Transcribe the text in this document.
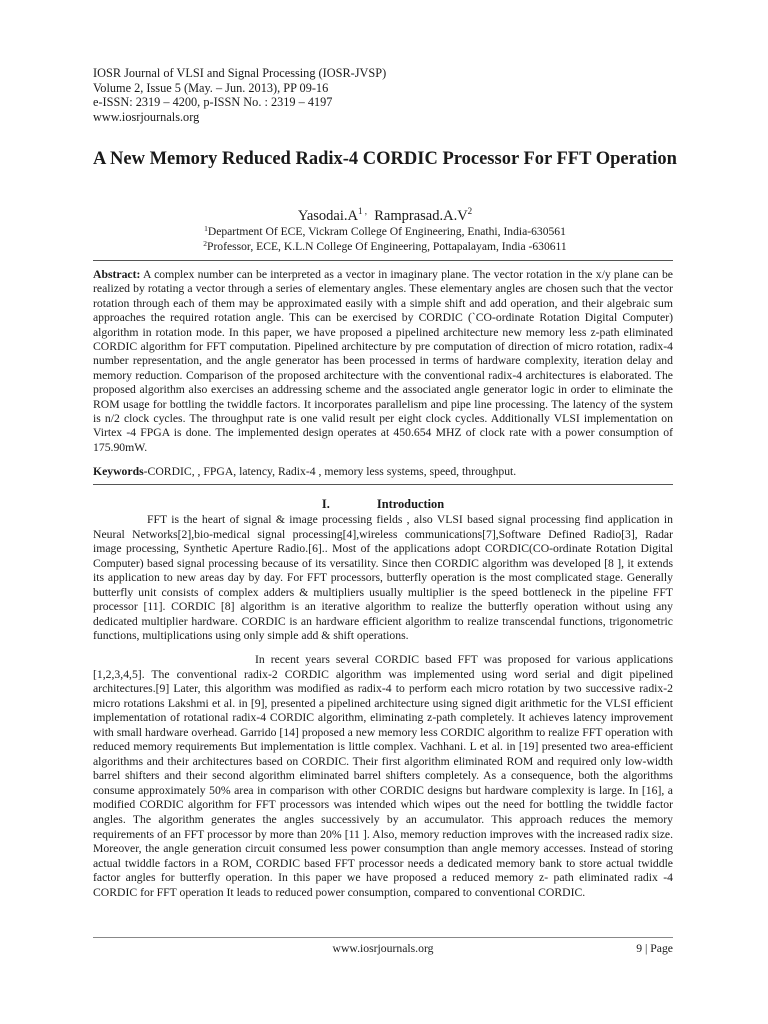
IOSR Journal of VLSI and Signal Processing (IOSR-JVSP)
Volume 2, Issue 5 (May. – Jun. 2013), PP 09-16
e-ISSN: 2319 – 4200, p-ISSN No. : 2319 – 4197
www.iosrjournals.org
A New Memory Reduced Radix-4 CORDIC Processor For FFT Operation
$Yasodai.A^{1 ,}$ $Ramprasad.A.V^2$
$^1$Department Of ECE, Vickram College Of Engineering, Enathi, India-630561
$^2$Professor, ECE, K.L.N College Of Engineering, Pottapalayam, India -630611
Abstract: A complex number can be interpreted as a vector in imaginary plane. The vector rotation in the x/y plane can be realized by rotating a vector through a series of elementary angles. These elementary angles are chosen such that the vector rotation through each of them may be approximated easily with a simple shift and add operation, and their algebraic sum approaches the required rotation angle. This can be exercised by CORDIC (`CO-ordinate Rotation Digital Computer) algorithm in rotation mode. In this paper, we have proposed a pipelined architecture new memory less z-path eliminated CORDIC algorithm for FFT computation. Pipelined architecture by pre computation of direction of micro rotation, radix-4 number representation, and the angle generator has been processed in terms of hardware complexity, iteration delay and memory reduction. Comparison of the proposed architecture with the conventional radix-4 architectures is elaborated. The proposed algorithm also exercises an addressing scheme and the associated angle generator logic in order to eliminate the ROM usage for bottling the twiddle factors. It incorporates parallelism and pipe line processing. The latency of the system is n/2 clock cycles. The throughput rate is one valid result per eight clock cycles. Additionally VLSI implementation on Virtex -4 FPGA is done. The implemented design operates at 450.654 MHZ of clock rate with a power consumption of 175.90mW.
Keywords-CORDIC, , FPGA, latency, Radix-4 , memory less systems, speed, throughput.
I.	Introduction
FFT is the heart of signal & image processing fields , also VLSI based signal processing find application in Neural Networks[2],bio-medical signal processing[4],wireless communications[7],Software Defined Radio[3], Radar image processing, Synthetic Aperture Radio.[6].. Most of the applications adopt CORDIC(CO-ordinate Rotation Digital Computer) based signal processing because of its versatility. Since then CORDIC algorithm was developed [8 ], it extends its application to new areas day by day. For FFT processors, butterfly operation is the most complicated stage. Generally butterfly unit consists of complex adders & multipliers usually multiplier is the speed bottleneck in the pipeline FFT processor [11]. CORDIC [8] algorithm is an iterative algorithm to realize the butterfly operation without using any dedicated multiplier hardware. CORDIC is an hardware efficient algorithm to realize transcendal functions, trigonometric functions, multiplications using only simple add & shift operations.
In recent years several CORDIC based FFT was proposed for various applications [1,2,3,4,5]. The conventional radix-2 CORDIC algorithm was implemented using word serial and digit pipelined architectures.[9] Later, this algorithm was modified as radix-4 to perform each micro rotation by two successive radix-2 micro rotations Lakshmi et al. in [9], presented a pipelined architecture using signed digit arithmetic for the VLSI efficient implementation of rotational radix-4 CORDIC algorithm, eliminating z-path completely. It achieves latency improvement with small hardware overhead. Garrido [14] proposed a new memory less CORDIC algorithm to realize FFT operation with reduced memory requirements But implementation is little complex. Vachhani. L et al. in [19] presented two area-efficient algorithms and their architectures based on CORDIC. Their first algorithm eliminated ROM and required only low-width barrel shifters and their second algorithm eliminated barrel shifters completely. As a consequence, both the algorithms consume approximately 50% area in comparison with other CORDIC designs but hardware complexity is large. In [16], a modified CORDIC algorithm for FFT processors was intended which wipes out the need for bottling the twiddle factor angles. The algorithm generates the angles successively by an accumulator. This approach reduces the memory requirements of an FFT processor by more than 20% [11 ]. Also, memory reduction improves with the increased radix size. Moreover, the angle generation circuit consumed less power consumption than angle memory accesses. Instead of storing actual twiddle factors in a ROM, CORDIC based FFT processor needs a dedicated memory bank to store actual twiddle factor angles for butterfly operation. In this paper we have proposed a reduced memory z- path eliminated radix -4 CORDIC for FFT operation It leads to reduced power consumption, compared to conventional CORDIC.
www.iosrjournals.org	9 | Page
